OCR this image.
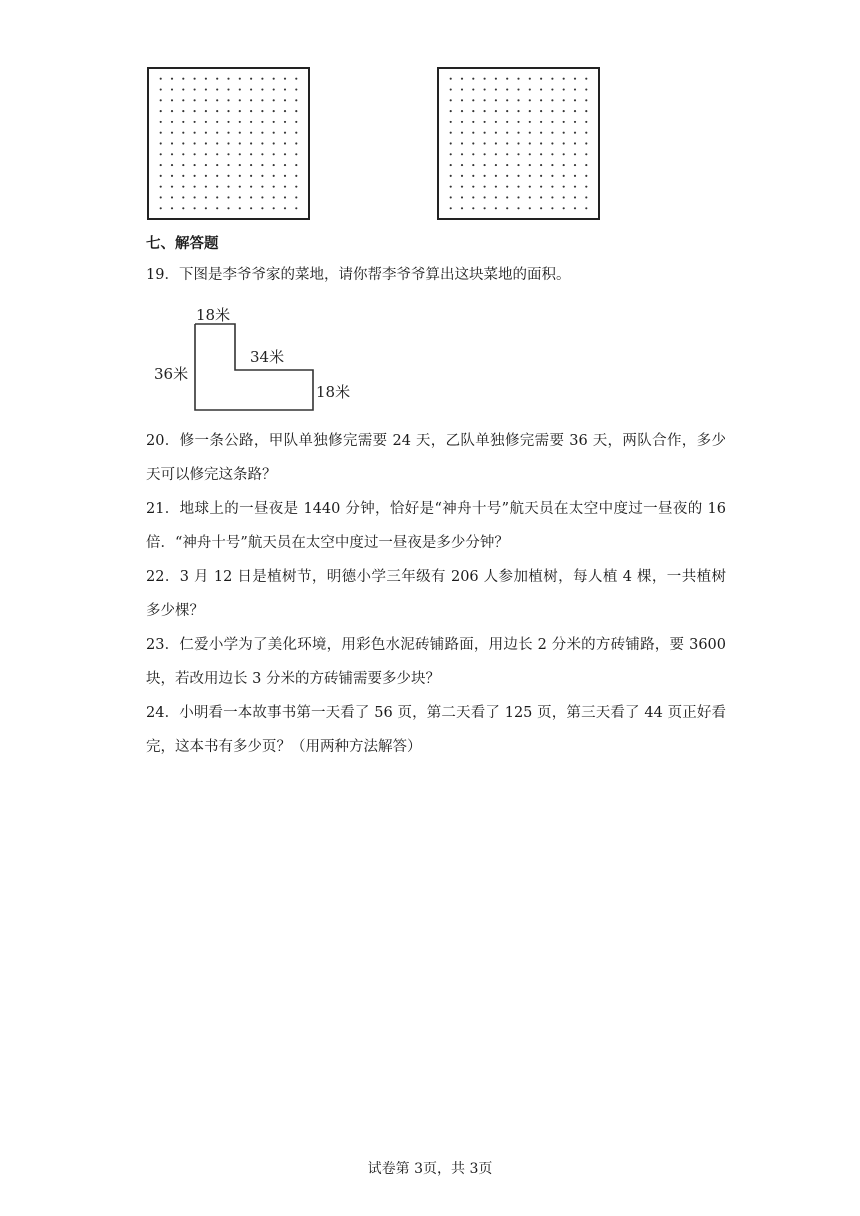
七、解答题
19．下图是李爷爷家的菜地，请你帮李爷爷算出这块菜地的面积。
18米
36米
34米
18米
20．修一条公路，甲队单独修完需要 24 天，乙队单独修完需要 36 天，两队合作，多少
天可以修完这条路？
21．地球上的一昼夜是 1440 分钟，恰好是“神舟十号”航天员在太空中度过一昼夜的 16
倍．“神舟十号”航天员在太空中度过一昼夜是多少分钟？
22．3 月 12 日是植树节，明德小学三年级有 206 人参加植树，每人植 4 棵，一共植树
多少棵？
23．仁爱小学为了美化环境，用彩色水泥砖铺路面，用边长 2 分米的方砖铺路，要 3600
块，若改用边长 3 分米的方砖铺需要多少块？
24．小明看一本故事书第一天看了 56 页，第二天看了 125 页，第三天看了 44 页正好看
完，这本书有多少页？（用两种方法解答）
试卷第 3页，共 3页
